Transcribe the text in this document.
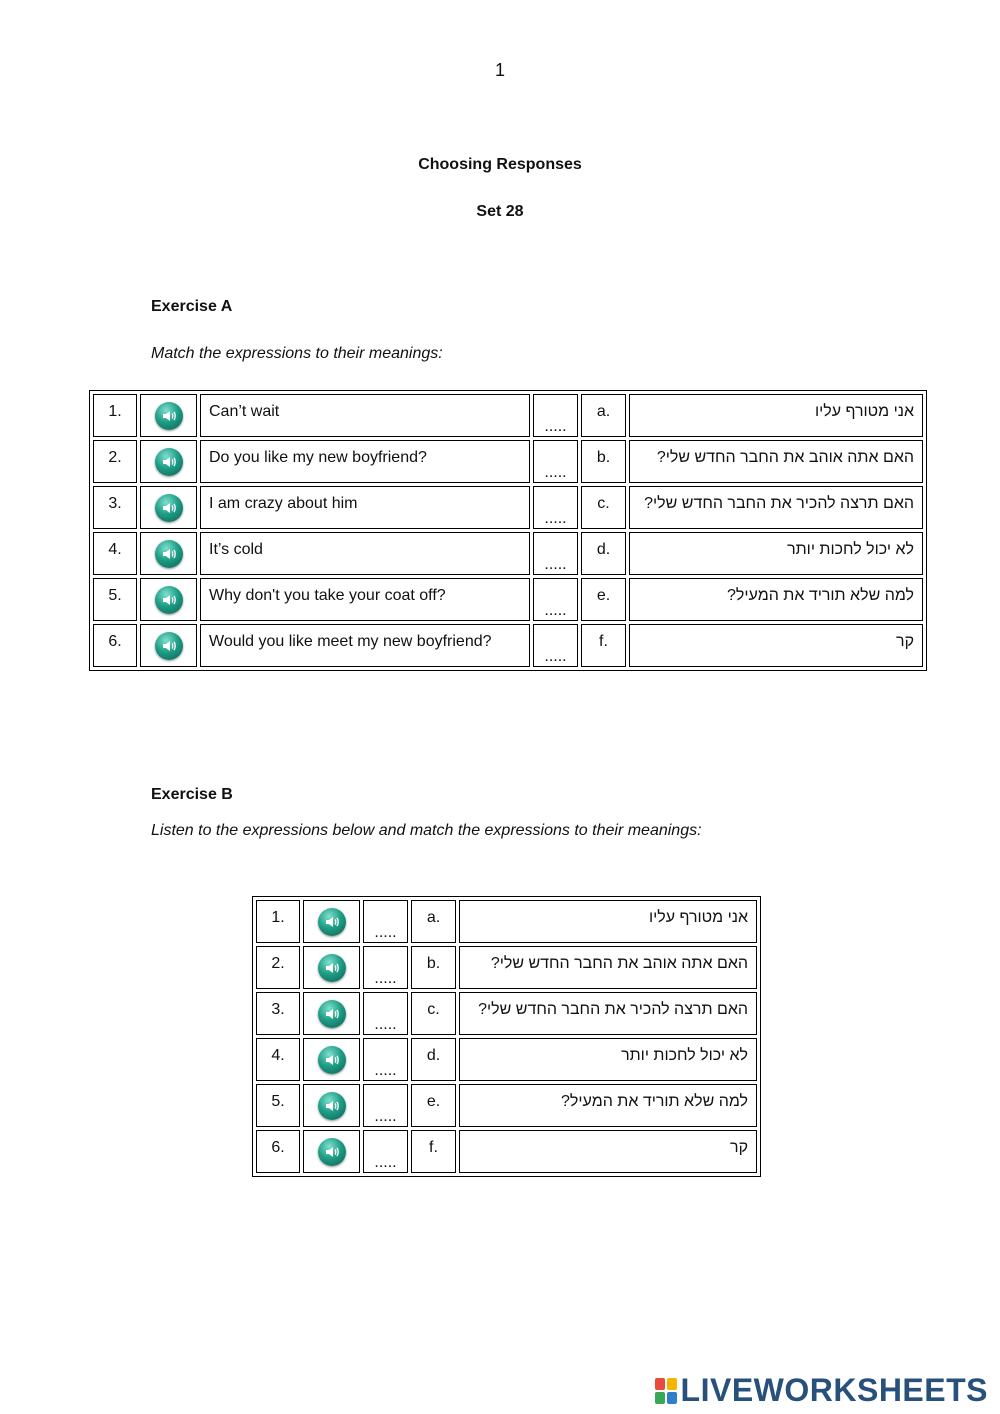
1
Choosing Responses
Set 28
Exercise A
Match the expressions to their meanings:
1.		Can’t wait	.....	a.	אני מטורף עליו
2.		Do you like my new boyfriend?	.....	b.	האם אתה אוהב את החבר החדש שלי?
3.		I am crazy about him	.....	c.	האם תרצה להכיר את החבר החדש שלי?
4.		It’s cold	.....	d.	לא יכול לחכות יותר
5.		Why don't you take your coat off?	.....	e.	למה שלא תוריד את המעיל?
6.		Would you like meet my new boyfriend?	.....	f.	קר
Exercise B
Listen to the expressions below and match the expressions to their meanings:
1.		.....	a.	אני מטורף עליו
2.		.....	b.	האם אתה אוהב את החבר החדש שלי?
3.		.....	c.	האם תרצה להכיר את החבר החדש שלי?
4.		.....	d.	לא יכול לחכות יותר
5.		.....	e.	למה שלא תוריד את המעיל?
6.		.....	f.	קר
LIVEWORKSHEETS
